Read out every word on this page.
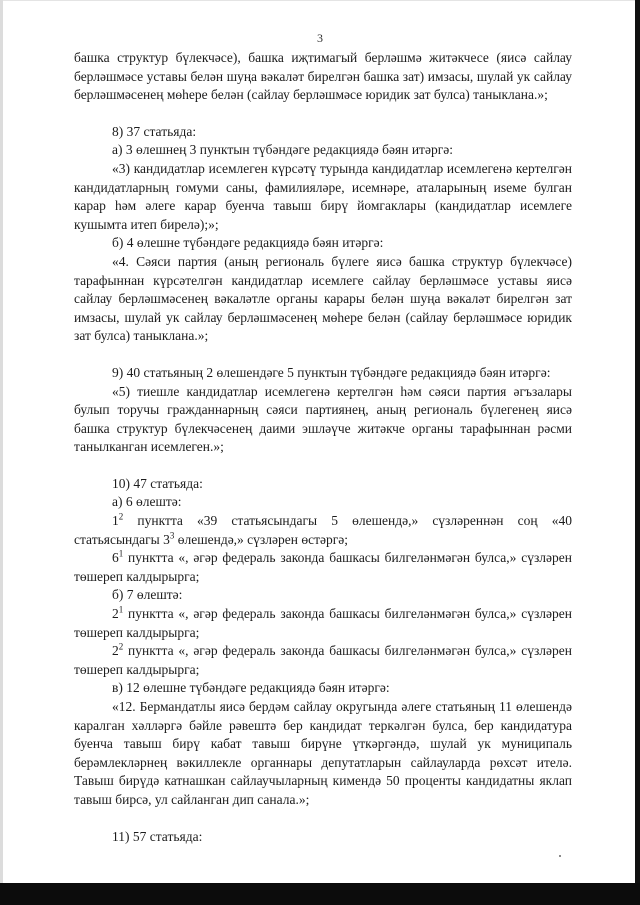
3

башка структур бүлекчәсе), башка иҗтимагый берләшмә житәкчесе (яисә сайлау берләшмәсе уставы белән шуңа вәкаләт бирелгән башка зат) имзасы, шулай ук сайлау берләшмәсенең мөһере белән (сайлау берләшмәсе юридик зат булса) таныклана.»;

8) 37 статьяда:

а) 3 өлешнең 3 пунктын түбәндәге редакциядә бәян итәргә:

«3) кандидатлар исемлеген күрсәтү турында кандидатлар исемлегенә кертелгән кандидатларның гомуми саны, фамилияләре, исемнәре, аталарының иseме булган карар һәм әлеге карар буенча тавыш бирү йомгаклары (кандидатлар исемлеге кушымта итеп бирелә);»;

б) 4 өлешне түбәндәге редакциядә бәян итәргә:

«4. Сәяси партия (аның региональ бүлеге яисә башка структур бүлекчәсе) тарафыннан күрсәтелгән кандидатлар исемлеге сайлау берләшмәсе уставы яисә сайлау берләшмәсенең вәкаләтле органы карары белән шуңа вәкаләт бирелгән зат имзасы, шулай ук сайлау берләшмәсенең мөһере белән (сайлау берләшмәсе юридик зат булса) таныклана.»;

9) 40 статьяның 2 өлешендәге 5 пунктын түбәндәге редакциядә бәян итәргә:

«5) тиешле кандидатлар исемлегенә кертелгән һәм сәяси партия әгъзалары булып торучы гражданнарның сәяси партиянең, аның региональ бүлегенең яисә башка структур бүлекчәсенең даими эшләүче житәкче органы тарафыннан рәсми танылканган исемлеген.»;

10) 47 статьяда:

а) 6 өлештә:

$1^2$ пунктта «39 статьясындагы 5 өлешендә,» сүзләреннән соң «40 статьясындагы $3^3$ өлешендә,» сүзләрен өстәргә;

$6^1$ пунктта «, әгәр федераль законда башкасы билгеләнмәгән булса,» сүзләрен төшереп калдырырга;

б) 7 өлештә:

$2^1$ пунктта «, әгәр федераль законда башкасы билгеләнмәгән булса,» сүзләрен төшереп калдырырга;

$2^2$ пунктта «, әгәр федераль законда башкасы билгеләнмәгән булса,» сүзләрен төшереп калдырырга;

в) 12 өлешне түбәндәге редакциядә бәян итәргә:

«12. Бермандатлы яисә бердәм сайлау округында әлеге статьяның 11 өлешендә каралган хәлләргә бәйле рәвештә бер кандидат теркәлгән булса, бер кандидатура буенча тавыш бирү кабат тавыш бирүне үткәргәндә, шулай ук муниципаль берәмлекләрнең вәкиллекле органнары депутатларын сайлауларда рөхсәт ителә. Тавыш бирүдә катнашкан сайлаучыларның кимендә 50 проценты кандидатны яклап тавыш бирсә, ул сайланган дип санала.»;

11) 57 статьяда:
